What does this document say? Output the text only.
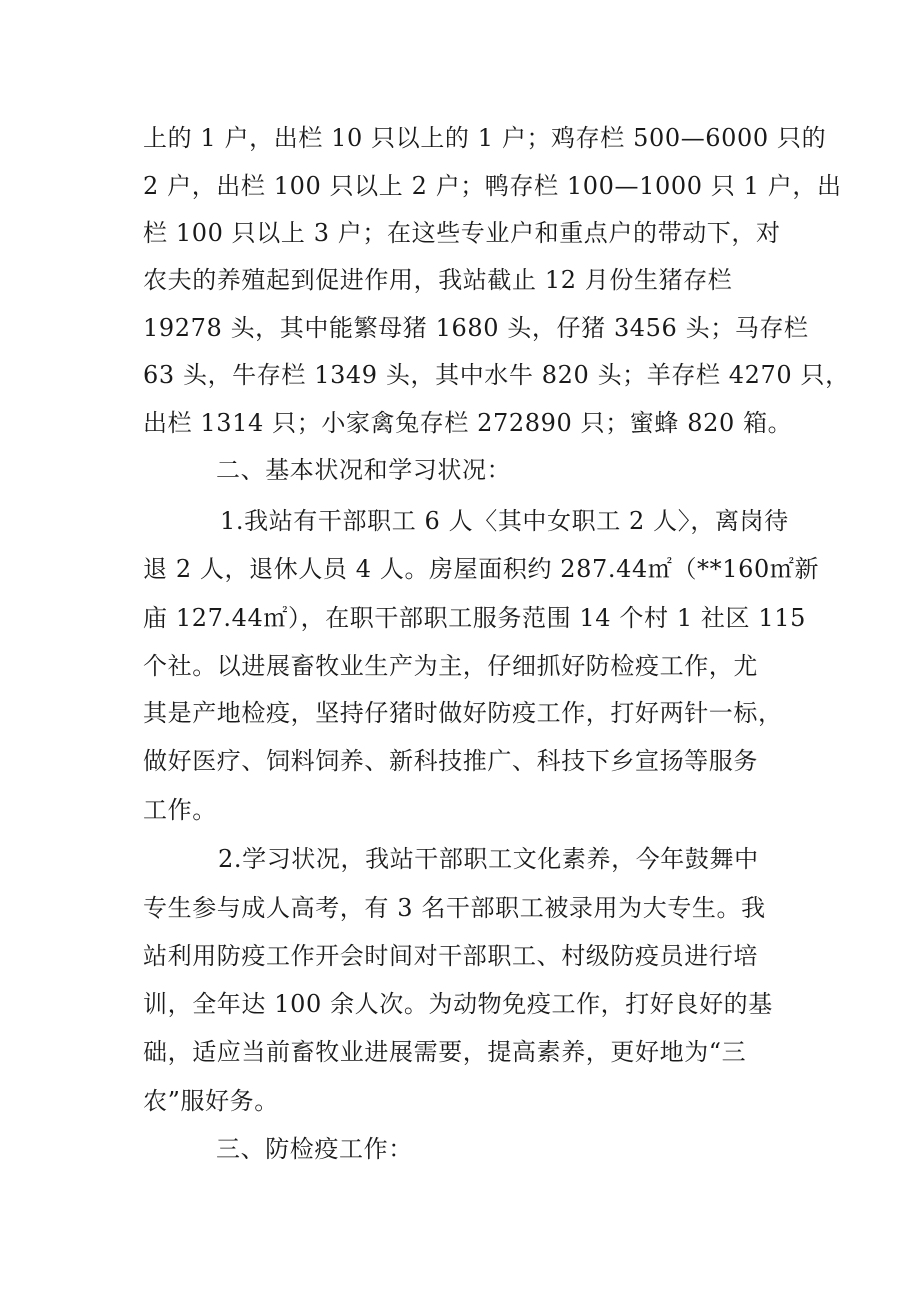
上的 1 户，出栏 10 只以上的 1 户；鸡存栏 500—6000 只的
2 户，出栏 100 只以上 2 户；鸭存栏 100—1000 只 1 户，出
栏 100 只以上 3 户；在这些专业户和重点户的带动下，对
农夫的养殖起到促进作用，我站截止 12 月份生猪存栏
19278 头，其中能繁母猪 1680 头，仔猪 3456 头；马存栏
63 头，牛存栏 1349 头，其中水牛 820 头；羊存栏 4270 只，
出栏 1314 只；小家禽兔存栏 272890 只；蜜蜂 820 箱。
二、基本状况和学习状况：
1.我站有干部职工 6 人〈其中女职工 2 人〉，离岗待
退 2 人，退休人员 4 人。房屋面积约 287.44㎡（**160㎡新
庙 127.44㎡），在职干部职工服务范围 14 个村 1 社区 115
个社。以进展畜牧业生产为主，仔细抓好防检疫工作，尤
其是产地检疫，坚持仔猪时做好防疫工作，打好两针一标，
做好医疗、饲料饲养、新科技推广、科技下乡宣扬等服务
工作。
2.学习状况，我站干部职工文化素养，今年鼓舞中
专生参与成人高考，有 3 名干部职工被录用为大专生。我
站利用防疫工作开会时间对干部职工、村级防疫员进行培
训，全年达 100 余人次。为动物免疫工作，打好良好的基
础，适应当前畜牧业进展需要，提高素养，更好地为“三
农”服好务。
三、防检疫工作：
